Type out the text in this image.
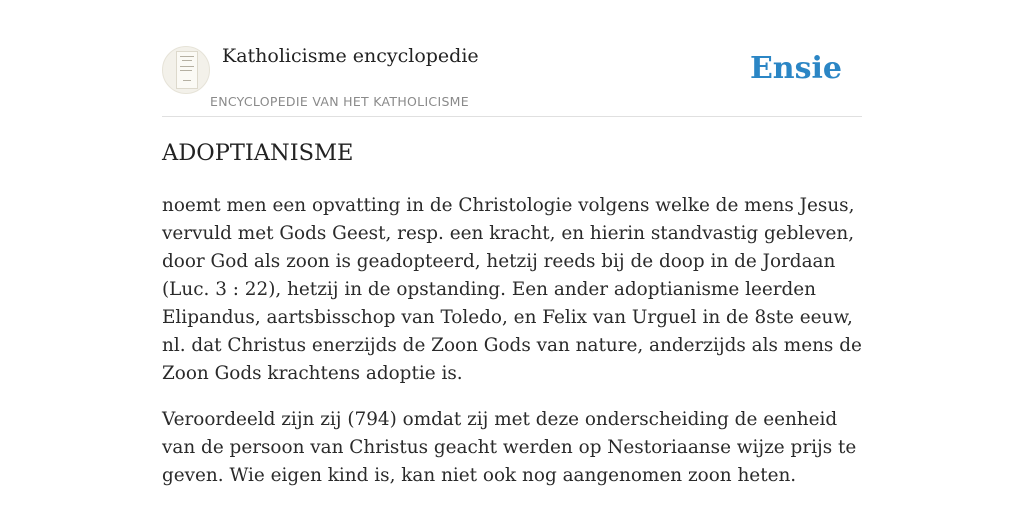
Katholicisme encyclopedie
ENCYCLOPEDIE VAN HET KATHOLICISME
Ensie
ADOPTIANISME

noemt men een opvatting in de Christologie volgens welke de mens Jesus, vervuld met Gods Geest, resp. een kracht, en hierin standvastig gebleven, door God als zoon is geadopteerd, hetzij reeds bij de doop in de Jordaan (Luc. 3 : 22), hetzij in de opstanding. Een ander adoptianisme leerden Elipandus, aartsbisschop van Toledo, en Felix van Urguel in de 8ste eeuw, nl. dat Christus enerzijds de Zoon Gods van nature, anderzijds als mens de Zoon Gods krachtens adoptie is.

Veroordeeld zijn zij (794) omdat zij met deze onderscheiding de eenheid van de persoon van Christus geacht werden op Nestoriaanse wijze prijs te geven. Wie eigen kind is, kan niet ook nog aangenomen zoon heten.
